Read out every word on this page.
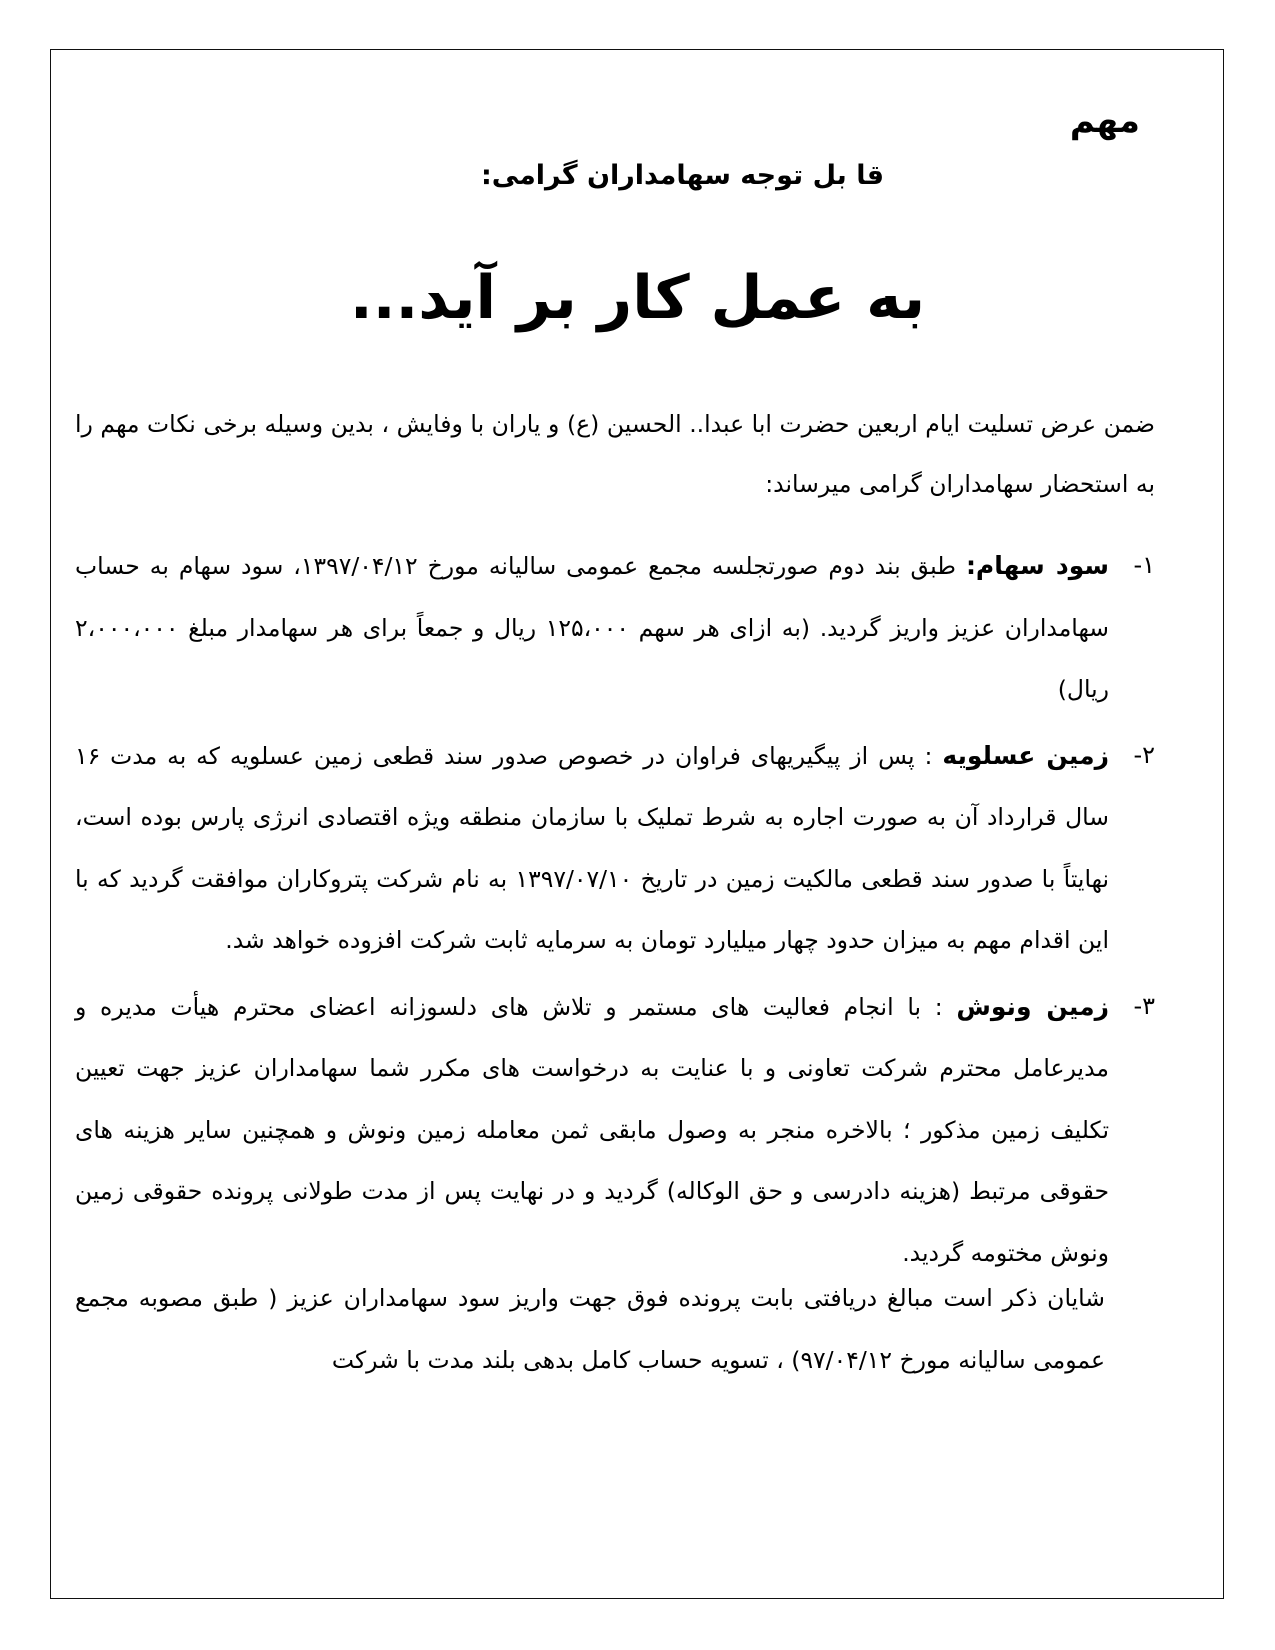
مهم
قا بل توجه سهامداران گرامی:
به عمل کار بر آید...

ضمن عرض تسلیت ایام اربعین حضرت ابا عبدا.. الحسین (ع) و یاران با وفایش ، بدین وسیله برخی نکات مهم را به استحضار سهامداران گرامی میرساند:

۱-
سود سهام: طبق بند دوم صورتجلسه مجمع عمومی سالیانه مورخ ۱۳۹۷/۰۴/۱۲، سود سهام به حساب سهامداران عزیز واریز گردید. (به ازای هر سهم ۱۲۵،۰۰۰ ریال و جمعاً برای هر سهامدار مبلغ ۲،۰۰۰،۰۰۰ ریال)
۲-
زمین عسلویه : پس از پیگیریهای فراوان در خصوص صدور سند قطعی زمین عسلویه که به مدت ۱۶ سال قرارداد آن به صورت اجاره به شرط تملیک با سازمان منطقه ویژه اقتصادی انرژی پارس بوده است، نهایتاً با صدور سند قطعی مالکیت زمین در تاریخ ۱۳۹۷/۰۷/۱۰ به نام شرکت پتروکاران موافقت گردید که با این اقدام مهم به میزان حدود چهار میلیارد تومان به سرمایه ثابت شرکت افزوده خواهد شد.
۳-
زمین ونوش : با انجام فعالیت های مستمر و تلاش های دلسوزانه اعضای محترم هیأت مدیره و مدیرعامل محترم شرکت تعاونی و با عنایت به درخواست های مکرر شما سهامداران عزیز جهت تعیین تکلیف زمین مذکور ؛ بالاخره منجر به وصول مابقی ثمن معامله زمین ونوش و همچنین سایر هزینه های حقوقی مرتبط (هزینه دادرسی و حق الوکاله) گردید و در نهایت پس از مدت طولانی پرونده حقوقی زمین ونوش مختومه گردید.

شایان ذکر است مبالغ دریافتی بابت پرونده فوق جهت واریز سود سهامداران عزیز ( طبق مصوبه مجمع عمومی سالیانه مورخ ۹۷/۰۴/۱۲) ، تسویه حساب کامل بدهی بلند مدت با شرکت
